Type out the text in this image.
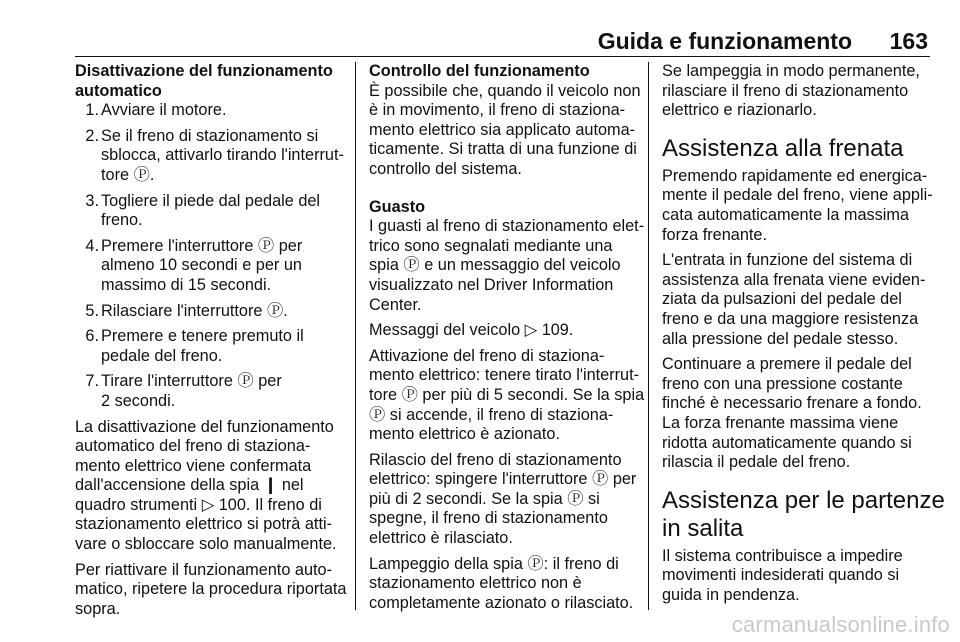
Guida e funzionamento 163
Disattivazione del funzionamento
automatico
1. Avviare il motore.
2. Se il freno di stazionamento si
sblocca, attivarlo tirando l'interrut-
tore Ⓟ.
3. Togliere il piede dal pedale del
freno.
4. Premere l'interruttore Ⓟ per
almeno 10 secondi e per un
massimo di 15 secondi.
5. Rilasciare l'interruttore Ⓟ.
6. Premere e tenere premuto il
pedale del freno.
7. Tirare l'interruttore Ⓟ per
2 secondi.
La disattivazione del funzionamento
automatico del freno di staziona-
mento elettrico viene confermata
dall'accensione della spia ❙ nel
quadro strumenti ▷ 100. Il freno di
stazionamento elettrico si potrà atti-
vare o sbloccare solo manualmente.
Per riattivare il funzionamento auto-
matico, ripetere la procedura riportata
sopra.
Controllo del funzionamento
È possibile che, quando il veicolo non
è in movimento, il freno di staziona-
mento elettrico sia applicato automa-
ticamente. Si tratta di una funzione di
controllo del sistema.
Guasto
I guasti al freno di stazionamento elet-
trico sono segnalati mediante una
spia Ⓟ e un messaggio del veicolo
visualizzato nel Driver Information
Center.
Messaggi del veicolo ▷ 109.
Attivazione del freno di staziona-
mento elettrico: tenere tirato l'interrut-
tore Ⓟ per più di 5 secondi. Se la spia
Ⓟ si accende, il freno di staziona-
mento elettrico è azionato.
Rilascio del freno di stazionamento
elettrico: spingere l'interruttore Ⓟ per
più di 2 secondi. Se la spia Ⓟ si
spegne, il freno di stazionamento
elettrico è rilasciato.
Lampeggio della spia Ⓟ: il freno di
stazionamento elettrico non è
completamente azionato o rilasciato.
Se lampeggia in modo permanente,
rilasciare il freno di stazionamento
elettrico e riazionarlo.
Assistenza alla frenata
Premendo rapidamente ed energica-
mente il pedale del freno, viene appli-
cata automaticamente la massima
forza frenante.
L'entrata in funzione del sistema di
assistenza alla frenata viene eviden-
ziata da pulsazioni del pedale del
freno e da una maggiore resistenza
alla pressione del pedale stesso.
Continuare a premere il pedale del
freno con una pressione costante
finché è necessario frenare a fondo.
La forza frenante massima viene
ridotta automaticamente quando si
rilascia il pedale del freno.
Assistenza per le partenze
in salita
Il sistema contribuisce a impedire
movimenti indesiderati quando si
guida in pendenza.
carmanualsonline.info
